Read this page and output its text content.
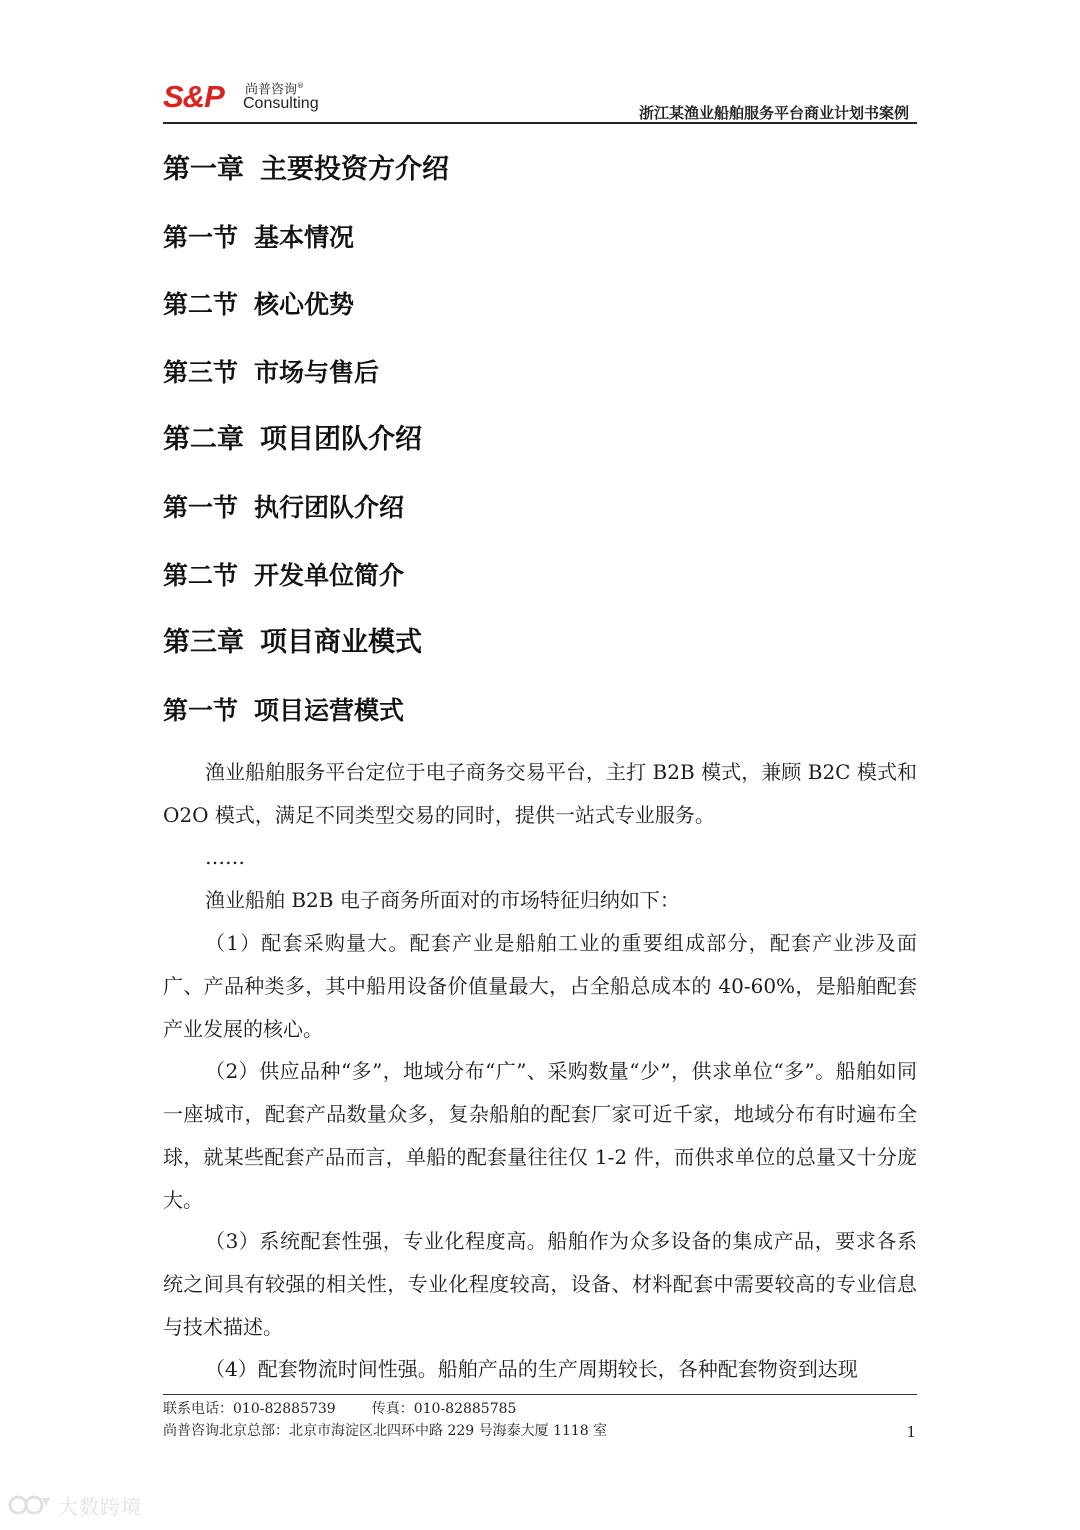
S&P 尚普咨询®
Consulting
浙江某渔业船舶服务平台商业计划书案例
第一章 主要投资方介绍
第一节 基本情况
第二节 核心优势
第三节 市场与售后
第二章 项目团队介绍
第一节 执行团队介绍
第二节 开发单位简介
第三章 项目商业模式
第一节 项目运营模式

渔业船舶服务平台定位于电子商务交易平台，主打 B2B 模式，兼顾 B2C 模式和 O2O 模式，满足不同类型交易的同时，提供一站式专业服务。

……

渔业船舶 B2B 电子商务所面对的市场特征归纳如下：

（1）配套采购量大。配套产业是船舶工业的重要组成部分，配套产业涉及面广、产品种类多，其中船用设备价值量最大，占全船总成本的 40-60%，是船舶配套产业发展的核心。

（2）供应品种“多”，地域分布“广”、采购数量“少”，供求单位“多”。船舶如同一座城市，配套产品数量众多，复杂船舶的配套厂家可近千家，地域分布有时遍布全球，就某些配套产品而言，单船的配套量往往仅 1-2 件，而供求单位的总量又十分庞大。

（3）系统配套性强，专业化程度高。船舶作为众多设备的集成产品，要求各系统之间具有较强的相关性，专业化程度较高，设备、材料配套中需要较高的专业信息与技术描述。

（4）配套物流时间性强。船舶产品的生产周期较长，各种配套物资到达现

联系电话：010-82885739	传真：010-82885785
尚普咨询北京总部：北京市海淀区北四环中路 229 号海泰大厦 1118 室	1
大数跨境
